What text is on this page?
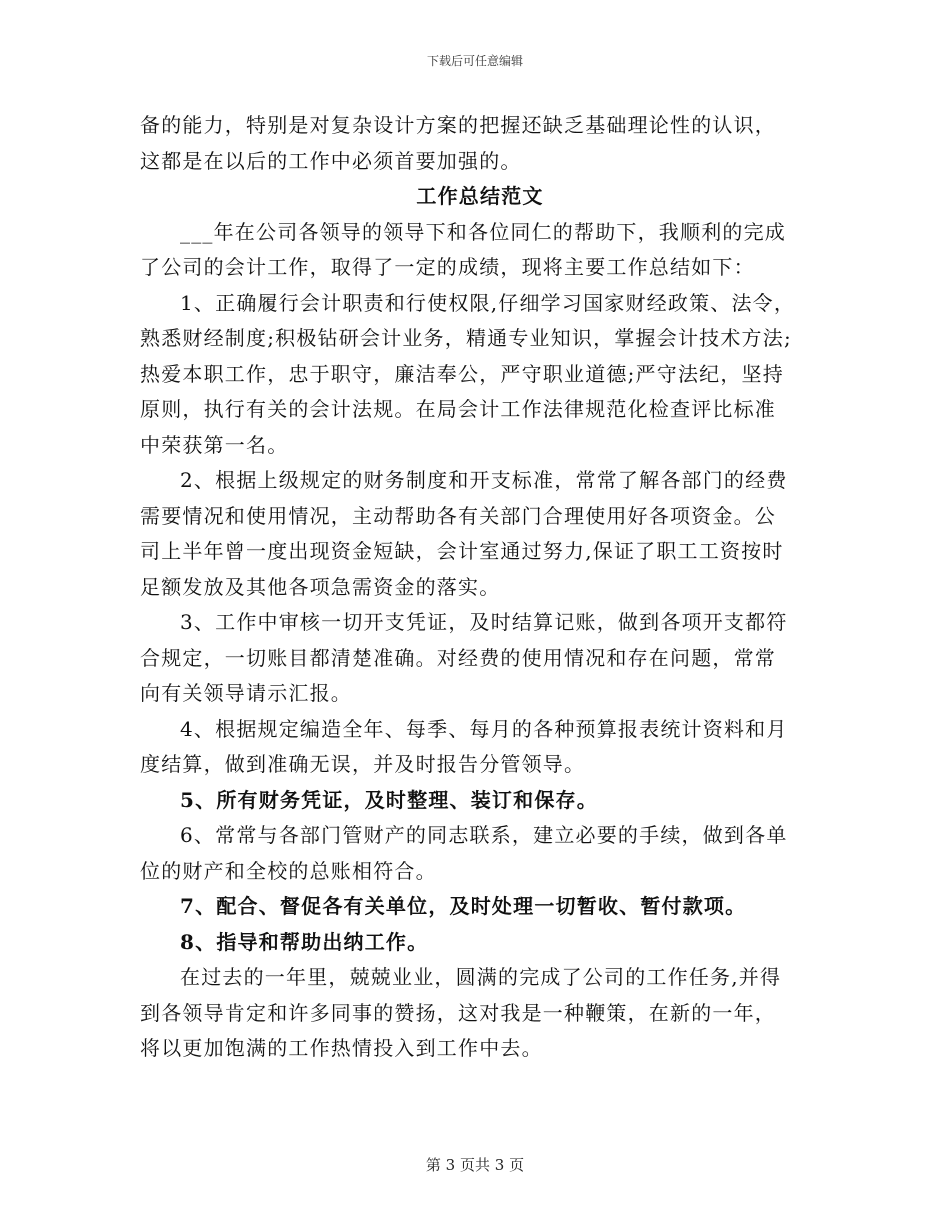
下载后可任意编辑

备的能力，特别是对复杂设计方案的把握还缺乏基础理论性的认识，
这都是在以后的工作中必须首要加强的。

工作总结范文

___年在公司各领导的领导下和各位同仁的帮助下，我顺利的完成
了公司的会计工作，取得了一定的成绩，现将主要工作总结如下：

1、正确履行会计职责和行使权限,仔细学习国家财经政策、法令，
熟悉财经制度;积极钻研会计业务，精通专业知识，掌握会计技术方法;
热爱本职工作，忠于职守，廉洁奉公，严守职业道德;严守法纪，坚持
原则，执行有关的会计法规。在局会计工作法律规范化检查评比标准
中荣获第一名。

2、根据上级规定的财务制度和开支标准，常常了解各部门的经费
需要情况和使用情况，主动帮助各有关部门合理使用好各项资金。公
司上半年曾一度出现资金短缺，会计室通过努力,保证了职工工资按时
足额发放及其他各项急需资金的落实。

3、工作中审核一切开支凭证，及时结算记账，做到各项开支都符
合规定，一切账目都清楚准确。对经费的使用情况和存在问题，常常
向有关领导请示汇报。

4、根据规定编造全年、每季、每月的各种预算报表统计资料和月
度结算，做到准确无误，并及时报告分管领导。

5、所有财务凭证，及时整理、装订和保存。

6、常常与各部门管财产的同志联系，建立必要的手续，做到各单
位的财产和全校的总账相符合。

7、配合、督促各有关单位，及时处理一切暂收、暂付款项。

8、指导和帮助出纳工作。

在过去的一年里，兢兢业业，圆满的完成了公司的工作任务,并得
到各领导肯定和许多同事的赞扬，这对我是一种鞭策，在新的一年，
将以更加饱满的工作热情投入到工作中去。

第 3 页共 3 页
